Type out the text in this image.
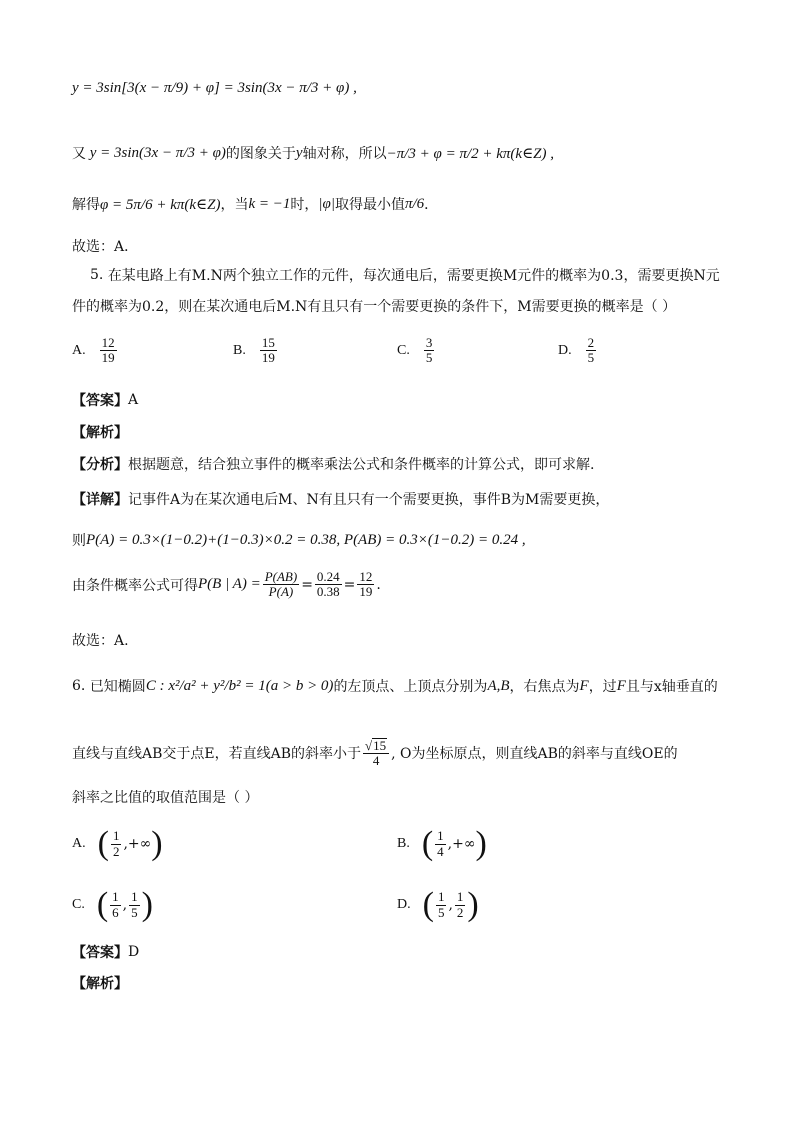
y = 3sin[3(x − π/9) + φ] = 3sin(3x − π/3 + φ) ,
又 y = 3sin(3x − π/3 + φ) 的图象关于 y 轴对称，所以 −π/3 + φ = π/2 + kπ(k∈Z) ,
解得 φ = 5π/6 + kπ(k∈Z) ，当 k = −1 时， |φ| 取得最小值 π/6 ．
故选：A．
5.
在某电路上有M.N两个独立工作的元件，每次通电后，需要更换M元件的概率为0.3，需要更换N元
件的概率为0.2，则在某次通电后M.N有且只有一个需要更换的条件下，M需要更换的概率是（ ）
A. $\frac{12}{19}$	B. $\frac{15}{19}$	C. $\frac{3}{5}$	D. $\frac{2}{5}$
【答案】 A
【解析】
【分析】 根据题意，结合独立事件的概率乘法公式和条件概率的计算公式，即可求解.
【详解】 记事件A为在某次通电后M、N有且只有一个需要更换，事件B为M需要更换，
则 P(A) = 0.3×(1−0.2)+(1−0.3)×0.2 = 0.38, P(AB) = 0.3×(1−0.2) = 0.24 ,
由条件概率公式可得 P(B | $A) = \frac{P(AB)}{P(A)} = \frac{0.24}{0.38} = \frac{12}{19}$ .
故选：A.
6.
已知椭圆 C : x²/a² + y²/b² = 1(a > b > 0) 的左顶点、上顶点分别为 A,B ，右焦点为 F ，过 F 且与x轴垂直的
直线与直线AB交于点E，若直线AB的斜率小于 $\frac{√ 15}{4}$ , O为坐标原点，则直线AB的斜率与直线OE的
斜率之比值的取值范围是（ ）
A. ( $\frac{1}{2}$ ,+∞ )	B. ( $\frac{1}{4}$ ,+∞ )
C. ( $\frac{1}{6}$ , $\frac{1}{5}$ )	D. ( $\frac{1}{5}$ , $\frac{1}{2}$ )
【答案】 D
【解析】
